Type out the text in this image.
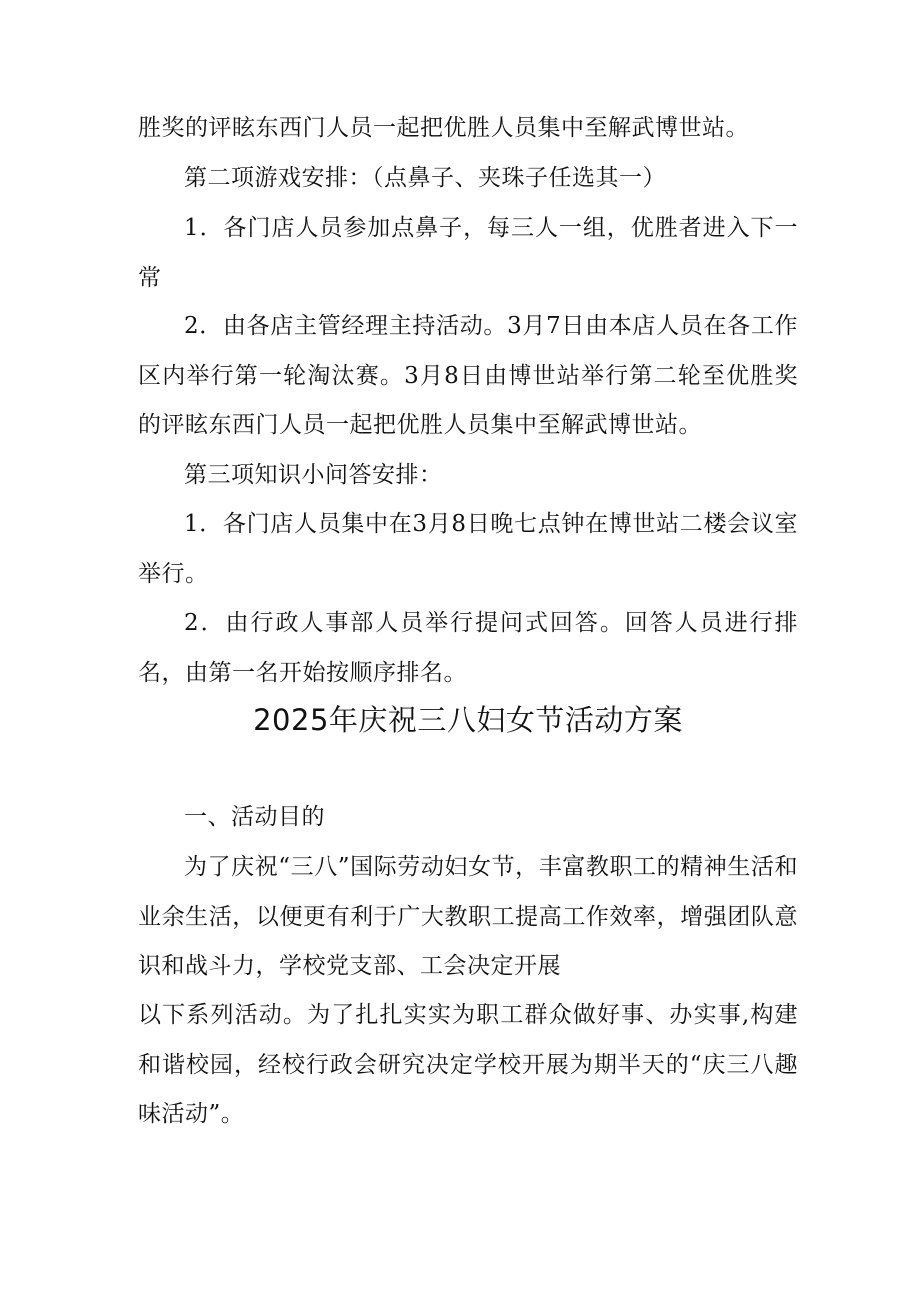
胜奖的评眩东西门人员一起把优胜人员集中至解武博世站。

第二项游戏安排：（点鼻子、夹珠子任选其一）

1．各门店人员参加点鼻子，每三人一组，优胜者进入下一常

2．由各店主管经理主持活动。3月7日由本店人员在各工作区内举行第一轮淘汰赛。3月8日由博世站举行第二轮至优胜奖的评眩东西门人员一起把优胜人员集中至解武博世站。

第三项知识小问答安排：

1．各门店人员集中在3月8日晚七点钟在博世站二楼会议室举行。

2．由行政人事部人员举行提问式回答。回答人员进行排名，由第一名开始按顺序排名。

2025年庆祝三八妇女节活动方案

一、活动目的

为了庆祝“三八”国际劳动妇女节，丰富教职工的精神生活和业余生活，以便更有利于广大教职工提高工作效率，增强团队意识和战斗力，学校党支部、工会决定开展

以下系列活动。为了扎扎实实为职工群众做好事、办实事,构建和谐校园，经校行政会研究决定学校开展为期半天的“庆三八趣味活动”。
